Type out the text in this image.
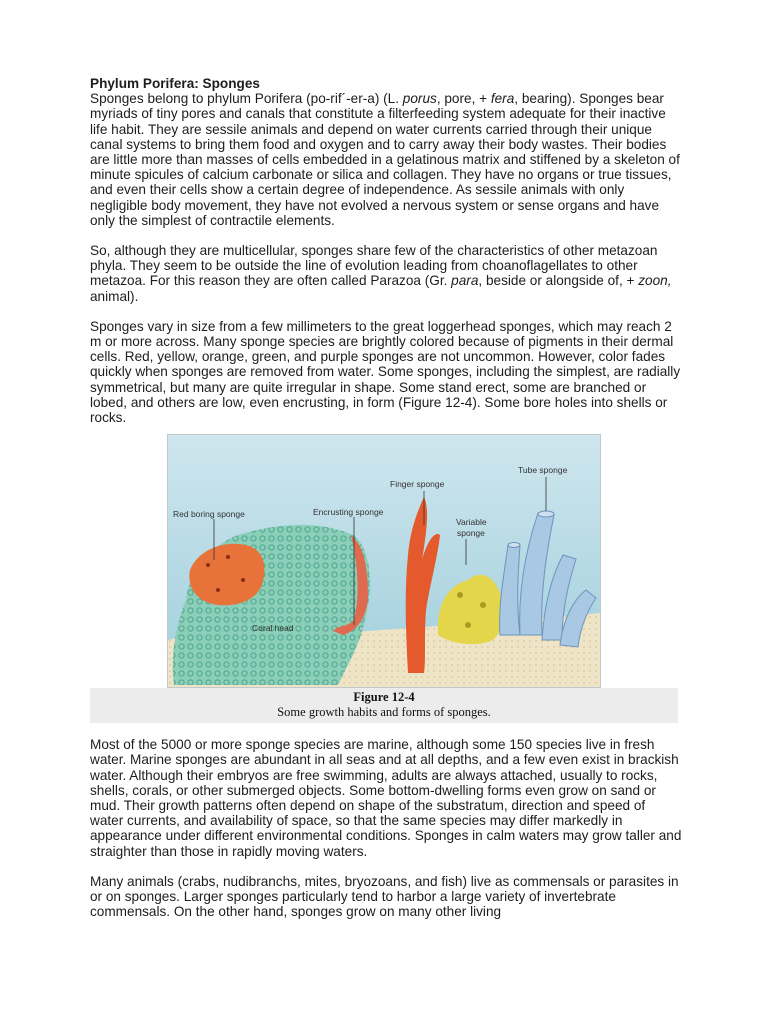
Phylum Porifera: Sponges

Sponges belong to phylum Porifera (po-rif´-er-a) (L. porus, pore, + fera, bearing). Sponges bear myriads of tiny pores and canals that constitute a filterfeeding system adequate for their inactive life habit. They are sessile animals and depend on water currents carried through their unique canal systems to bring them food and oxygen and to carry away their body wastes. Their bodies are little more than masses of cells embedded in a gelatinous matrix and stiffened by a skeleton of minute spicules of calcium carbonate or silica and collagen. They have no organs or true tissues, and even their cells show a certain degree of independence. As sessile animals with only negligible body movement, they have not evolved a nervous system or sense organs and have only the simplest of contractile elements.

So, although they are multicellular, sponges share few of the characteristics of other metazoan phyla. They seem to be outside the line of evolution leading from choanoflagellates to other metazoa. For this reason they are often called Parazoa (Gr. para, beside or alongside of, + zoon, animal).

Sponges vary in size from a few millimeters to the great loggerhead sponges, which may reach 2 m or more across. Many sponge species are brightly colored because of pigments in their dermal cells. Red, yellow, orange, green, and purple sponges are not uncommon. However, color fades quickly when sponges are removed from water. Some sponges, including the simplest, are radially symmetrical, but many are quite irregular in shape. Some stand erect, some are branched or lobed, and others are low, even encrusting, in form (Figure 12-4). Some bore holes into shells or rocks.

Red boring sponge	Encrusting sponge
Finger sponge
Variable
sponge
Tube sponge
Coral head
Figure 12-4
Some growth habits and forms of sponges.

Most of the 5000 or more sponge species are marine, although some 150 species live in fresh water. Marine sponges are abundant in all seas and at all depths, and a few even exist in brackish water. Although their embryos are free swimming, adults are always attached, usually to rocks, shells, corals, or other submerged objects. Some bottom-dwelling forms even grow on sand or mud. Their growth patterns often depend on shape of the substratum, direction and speed of water currents, and availability of space, so that the same species may differ markedly in appearance under different environmental conditions. Sponges in calm waters may grow taller and straighter than those in rapidly moving waters.

Many animals (crabs, nudibranchs, mites, bryozoans, and fish) live as commensals or parasites in or on sponges. Larger sponges particularly tend to harbor a large variety of invertebrate commensals. On the other hand, sponges grow on many other living
